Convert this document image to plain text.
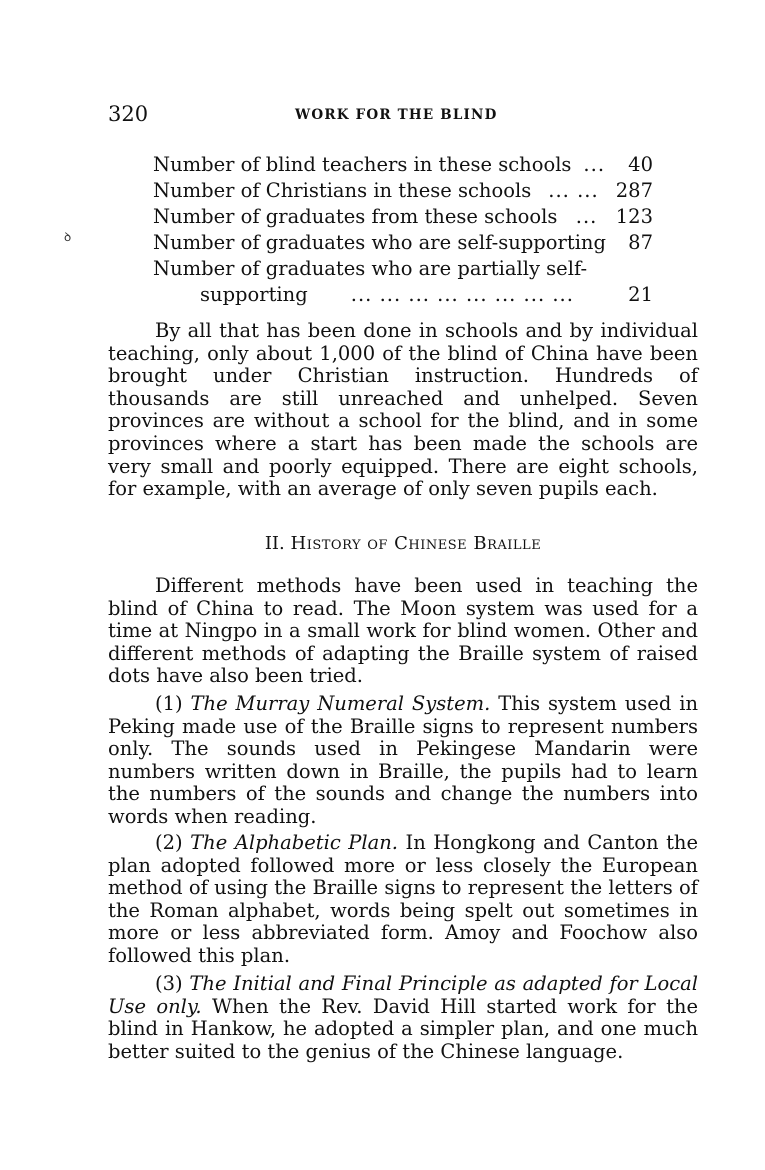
320	WORK FOR THE BLIND
ꝺ
Number of blind teachers in these schools ...	40
Number of Christians in these schools ... ... 287
Number of graduates from these schools ... 123
Number of graduates who are self-supporting	87
Number of graduates who are partially self-
supporting ... ... ... ... ... ... ... ...	21

By all that has been done in schools and by individual teaching, only about 1,000 of the blind of China have been brought under Christian instruction. Hundreds of thousands are still unreached and unhelped. Seven provinces are without a school for the blind, and in some provinces where a start has been made the schools are very small and poorly equipped. There are eight schools, for example, with an average of only seven pupils each.

II. History of Chinese Braille

Different methods have been used in teaching the blind of China to read. The Moon system was used for a time at Ningpo in a small work for blind women. Other and different methods of adapting the Braille system of raised dots have also been tried.

(1) The Murray Numeral System. This system used in Peking made use of the Braille signs to represent numbers only. The sounds used in Pekingese Mandarin were numbers written down in Braille, the pupils had to learn the numbers of the sounds and change the numbers into words when reading.

(2) The Alphabetic Plan. In Hongkong and Canton the plan adopted followed more or less closely the European method of using the Braille signs to represent the letters of the Roman alphabet, words being spelt out sometimes in more or less abbreviated form. Amoy and Foochow also followed this plan.

(3) The Initial and Final Principle as adapted for Local Use only. When the Rev. David Hill started work for the blind in Hankow, he adopted a simpler plan, and one much better suited to the genius of the Chinese language.
